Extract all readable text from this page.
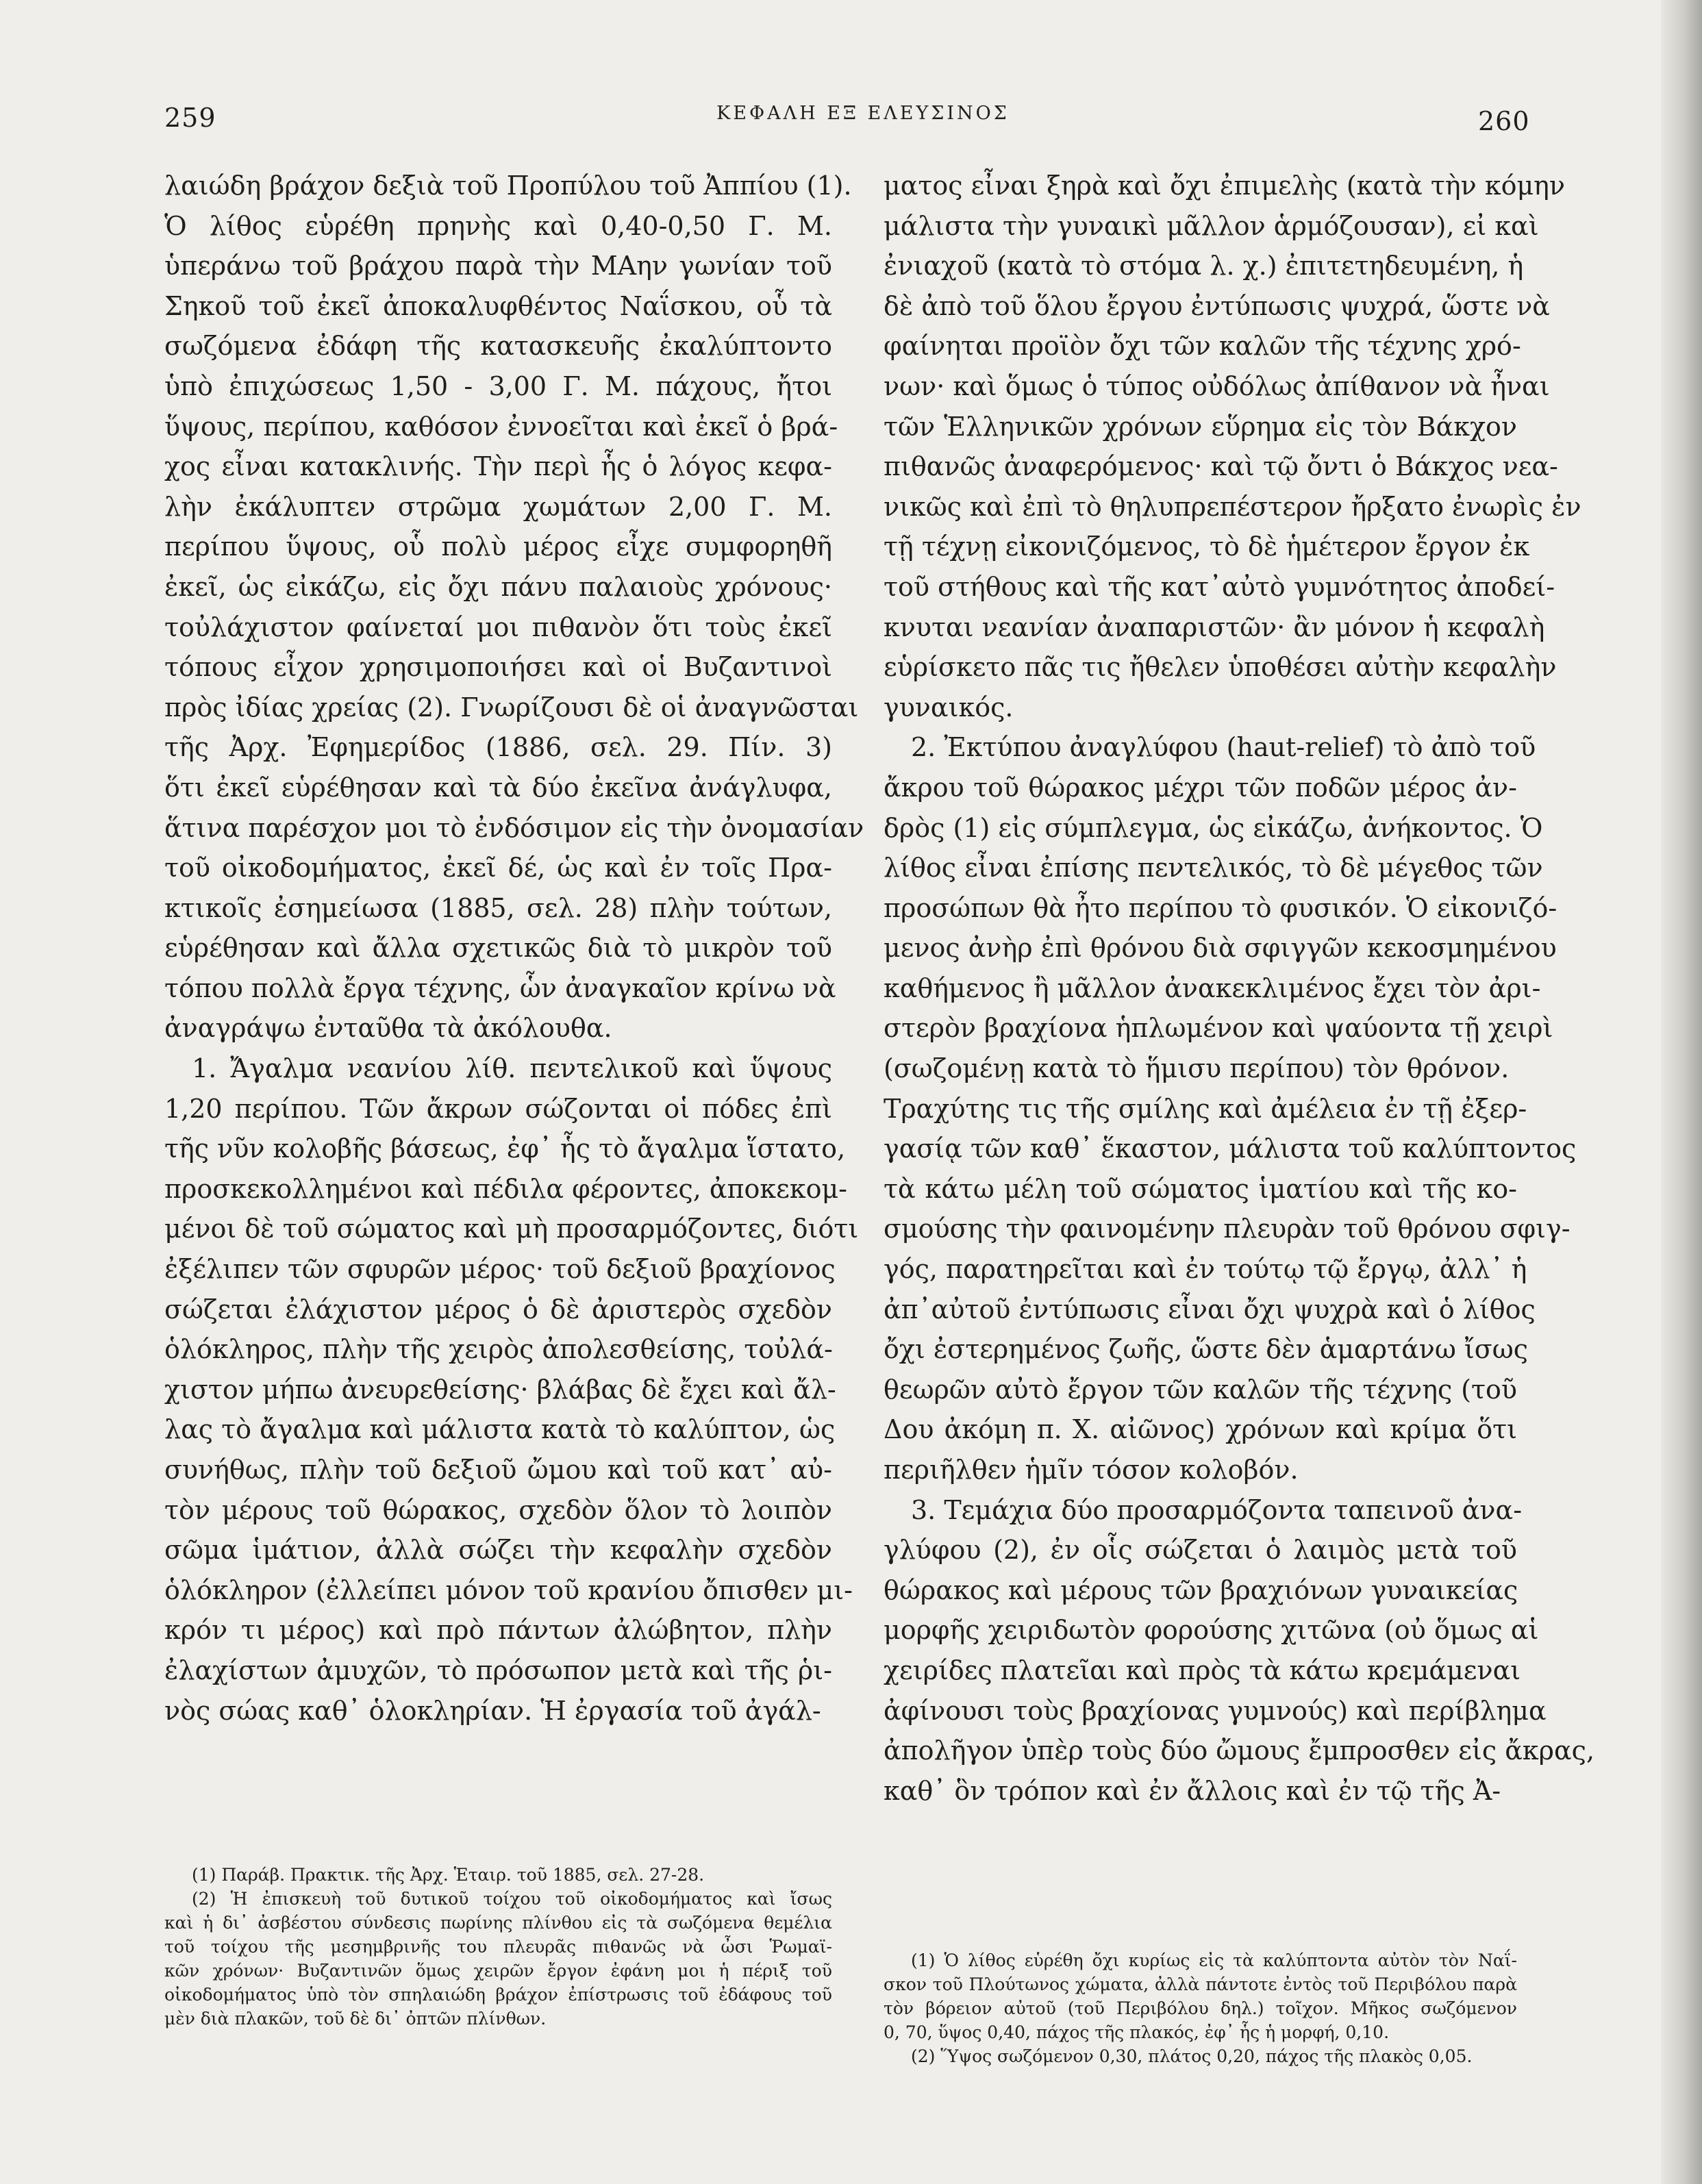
259	ΚΕΦΑΛΗ ΕΞ ΕΛΕΥΣΙΝΟΣ	260
λαιώδη βράχον δεξιὰ τοῦ Προπύλου τοῦ Ἀππίου (1).
Ὁ λίθος εὑρέθη πρηνὴς καὶ 0,40-0,50 Γ. Μ.
ὑπεράνω τοῦ βράχου παρὰ τὴν ΜΑην γωνίαν τοῦ
Σηκοῦ τοῦ ἐκεῖ ἀποκαλυφθέντος Ναΐσκου, οὗ τὰ
σωζόμενα ἐδάφη τῆς κατασκευῆς ἐκαλύπτοντο
ὑπὸ ἐπιχώσεως 1,50 - 3,00 Γ. Μ. πάχους, ἤτοι
ὕψους, περίπου, καθόσον ἐννοεῖται καὶ ἐκεῖ ὁ βρά-
χος εἶναι κατακλινής. Τὴν περὶ ἧς ὁ λόγος κεφα-
λὴν ἐκάλυπτεν στρῶμα χωμάτων 2,00 Γ. Μ.
περίπου ὕψους, οὗ πολὺ μέρος εἶχε συμφορηθῆ
ἐκεῖ, ὡς εἰκάζω, εἰς ὄχι πάνυ παλαιοὺς χρόνους·
τοὐλάχιστον φαίνεταί μοι πιθανὸν ὅτι τοὺς ἐκεῖ
τόπους εἶχον χρησιμοποιήσει καὶ οἱ Βυζαντινοὶ
πρὸς ἰδίας χρείας (2). Γνωρίζουσι δὲ οἱ ἀναγνῶσται
τῆς Ἀρχ. Ἐφημερίδος (1886, σελ. 29. Πίν. 3)
ὅτι ἐκεῖ εὑρέθησαν καὶ τὰ δύο ἐκεῖνα ἀνάγλυφα,
ἅτινα παρέσχον μοι τὸ ἐνδόσιμον εἰς τὴν ὀνομασίαν
τοῦ οἰκοδομήματος, ἐκεῖ δέ, ὡς καὶ ἐν τοῖς Πρα-
κτικοῖς ἐσημείωσα (1885, σελ. 28) πλὴν τούτων,
εὑρέθησαν καὶ ἄλλα σχετικῶς διὰ τὸ μικρὸν τοῦ
τόπου πολλὰ ἔργα τέχνης, ὧν ἀναγκαῖον κρίνω νὰ
ἀναγράψω ἐνταῦθα τὰ ἀκόλουθα.
1. Ἄγαλμα νεανίου λίθ. πεντελικοῦ καὶ ὕψους
1,20 περίπου. Τῶν ἄκρων σώζονται οἱ πόδες ἐπὶ
τῆς νῦν κολοβῆς βάσεως, ἐφ᾽ ἧς τὸ ἄγαλμα ἵστατο,
προσκεκολλημένοι καὶ πέδιλα φέροντες, ἀποκεκομ-
μένοι δὲ τοῦ σώματος καὶ μὴ προσαρμόζοντες, διότι
ἐξέλιπεν τῶν σφυρῶν μέρος· τοῦ δεξιοῦ βραχίονος
σώζεται ἐλάχιστον μέρος ὁ δὲ ἀριστερὸς σχεδὸν
ὁλόκληρος, πλὴν τῆς χειρὸς ἀπολεσθείσης, τοὐλά-
χιστον μήπω ἀνευρεθείσης· βλάβας δὲ ἔχει καὶ ἄλ-
λας τὸ ἄγαλμα καὶ μάλιστα κατὰ τὸ καλύπτον, ὡς
συνήθως, πλὴν τοῦ δεξιοῦ ὤμου καὶ τοῦ κατ᾽ αὐ-
τὸν μέρους τοῦ θώρακος, σχεδὸν ὅλον τὸ λοιπὸν
σῶμα ἱμάτιον, ἀλλὰ σώζει τὴν κεφαλὴν σχεδὸν
ὁλόκληρον (ἐλλείπει μόνον τοῦ κρανίου ὄπισθεν μι-
κρόν τι μέρος) καὶ πρὸ πάντων ἀλώβητον, πλὴν
ἐλαχίστων ἀμυχῶν, τὸ πρόσωπον μετὰ καὶ τῆς ῥι-
νὸς σώας καθ᾽ ὁλοκληρίαν. Ἡ ἐργασία τοῦ ἀγάλ-
ματος εἶναι ξηρὰ καὶ ὄχι ἐπιμελὴς (κατὰ τὴν κόμην
μάλιστα τὴν γυναικὶ μᾶλλον ἁρμόζουσαν), εἰ καὶ
ἐνιαχοῦ (κατὰ τὸ στόμα λ. χ.) ἐπιτετηδευμένη, ἡ
δὲ ἀπὸ τοῦ ὅλου ἔργου ἐντύπωσις ψυχρά, ὥστε νὰ
φαίνηται προϊὸν ὄχι τῶν καλῶν τῆς τέχνης χρό-
νων· καὶ ὅμως ὁ τύπος οὐδόλως ἀπίθανον νὰ ἦναι
τῶν Ἑλληνικῶν χρόνων εὕρημα εἰς τὸν Βάκχον
πιθανῶς ἀναφερόμενος· καὶ τῷ ὄντι ὁ Βάκχος νεα-
νικῶς καὶ ἐπὶ τὸ θηλυπρεπέστερον ἤρξατο ἐνωρὶς ἐν
τῇ τέχνῃ εἰκονιζόμενος, τὸ δὲ ἡμέτερον ἔργον ἐκ
τοῦ στήθους καὶ τῆς κατ᾽αὐτὸ γυμνότητος ἀποδεί-
κνυται νεανίαν ἀναπαριστῶν· ἂν μόνον ἡ κεφαλὴ
εὑρίσκετο πᾶς τις ἤθελεν ὑποθέσει αὐτὴν κεφαλὴν
γυναικός.
2. Ἐκτύπου ἀναγλύφου (haut-relief) τὸ ἀπὸ τοῦ
ἄκρου τοῦ θώρακος μέχρι τῶν ποδῶν μέρος ἀν-
δρὸς (1) εἰς σύμπλεγμα, ὡς εἰκάζω, ἀνήκοντος. Ὁ
λίθος εἶναι ἐπίσης πεντελικός, τὸ δὲ μέγεθος τῶν
προσώπων θὰ ἦτο περίπου τὸ φυσικόν. Ὁ εἰκονιζό-
μενος ἀνὴρ ἐπὶ θρόνου διὰ σφιγγῶν κεκοσμημένου
καθήμενος ἢ μᾶλλον ἀνακεκλιμένος ἔχει τὸν ἀρι-
στερὸν βραχίονα ἡπλωμένον καὶ ψαύοντα τῇ χειρὶ
(σωζομένῃ κατὰ τὸ ἥμισυ περίπου) τὸν θρόνον.
Τραχύτης τις τῆς σμίλης καὶ ἀμέλεια ἐν τῇ ἐξερ-
γασίᾳ τῶν καθ᾽ ἕκαστον, μάλιστα τοῦ καλύπτοντος
τὰ κάτω μέλη τοῦ σώματος ἱματίου καὶ τῆς κο-
σμούσης τὴν φαινομένην πλευρὰν τοῦ θρόνου σφιγ-
γός, παρατηρεῖται καὶ ἐν τούτῳ τῷ ἔργῳ, ἀλλ᾽ ἡ
ἀπ᾽αὐτοῦ ἐντύπωσις εἶναι ὄχι ψυχρὰ καὶ ὁ λίθος
ὄχι ἐστερημένος ζωῆς, ὥστε δὲν ἁμαρτάνω ἴσως
θεωρῶν αὐτὸ ἔργον τῶν καλῶν τῆς τέχνης (τοῦ
Δου ἀκόμη π. Χ. αἰῶνος) χρόνων καὶ κρίμα ὅτι
περιῆλθεν ἡμῖν τόσον κολοβόν.
3. Τεμάχια δύο προσαρμόζοντα ταπεινοῦ ἀνα-
γλύφου (2), ἐν οἷς σώζεται ὁ λαιμὸς μετὰ τοῦ
θώρακος καὶ μέρους τῶν βραχιόνων γυναικείας
μορφῆς χειριδωτὸν φορούσης χιτῶνα (οὐ ὅμως αἱ
χειρίδες πλατεῖαι καὶ πρὸς τὰ κάτω κρεμάμεναι
ἀφίνουσι τοὺς βραχίονας γυμνούς) καὶ περίβλημα
ἀπολῆγον ὑπὲρ τοὺς δύο ὤμους ἔμπροσθεν εἰς ἄκρας,
καθ᾽ ὃν τρόπον καὶ ἐν ἄλλοις καὶ ἐν τῷ τῆς Ἀ-
(1) Παράβ. Πρακτικ. τῆς Ἀρχ. Ἑταιρ. τοῦ 1885, σελ. 27-28.
(2) Ἡ ἐπισκευὴ τοῦ δυτικοῦ τοίχου τοῦ οἰκοδομήματος καὶ ἴσως
καὶ ἡ δι᾽ ἀσβέστου σύνδεσις πωρίνης πλίνθου εἰς τὰ σωζόμενα θεμέλια
τοῦ τοίχου τῆς μεσημβρινῆς του πλευρᾶς πιθανῶς νὰ ὦσι Ῥωμαϊ-
κῶν χρόνων· Βυζαντινῶν ὅμως χειρῶν ἔργον ἐφάνη μοι ἡ πέριξ τοῦ
οἰκοδομήματος ὑπὸ τὸν σπηλαιώδη βράχον ἐπίστρωσις τοῦ ἐδάφους τοῦ
μὲν διὰ πλακῶν, τοῦ δὲ δι᾽ ὀπτῶν πλίνθων.
(1) Ὁ λίθος εὑρέθη ὄχι κυρίως εἰς τὰ καλύπτοντα αὐτὸν τὸν Ναΐ-
σκον τοῦ Πλούτωνος χώματα, ἀλλὰ πάντοτε ἐντὸς τοῦ Περιβόλου παρὰ
τὸν βόρειον αὐτοῦ (τοῦ Περιβόλου δηλ.) τοῖχον. Μῆκος σωζόμενον
0, 70, ὕψος 0,40, πάχος τῆς πλακός, ἐφ᾽ ἧς ἡ μορφή, 0,10.
(2) Ὕψος σωζόμενον 0,30, πλάτος 0,20, πάχος τῆς πλακὸς 0,05.
